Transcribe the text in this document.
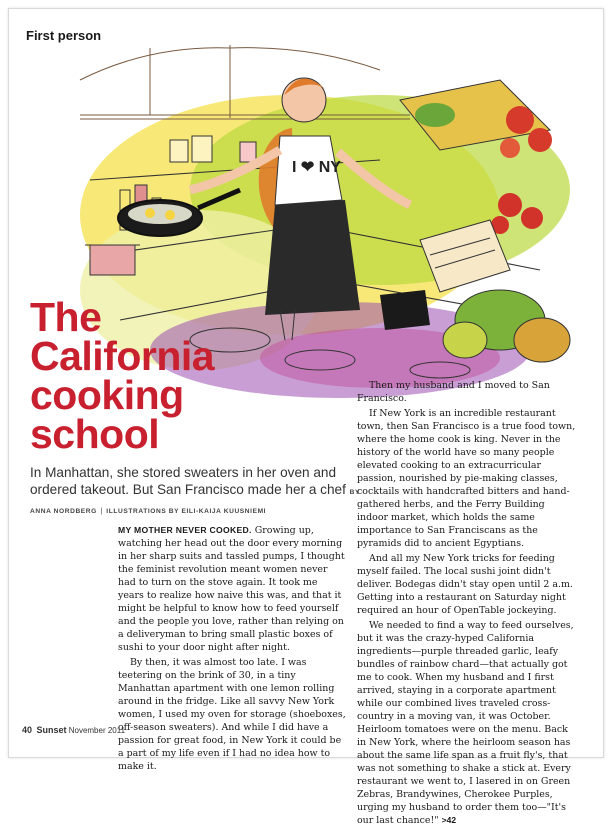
First person
I ❤ NY
The
California
cooking
school
In Manhattan, she stored sweaters in her oven and ordered takeout. But San Francisco made her a chef BY ANNA NORDBERG | ILLUSTRATIONS BY EILI-KAIJA KUUSNIEMI

MY MOTHER NEVER COOKED. Growing up, watching her head out the door every morning in her sharp suits and tassled pumps, I thought the feminist revolution meant women never had to turn on the stove again. It took me years to realize how naive this was, and that it might be helpful to know how to feed yourself and the people you love, rather than relying on a deliveryman to bring small plastic boxes of sushi to your door night after night.

By then, it was almost too late. I was teetering on the brink of 30, in a tiny Manhattan apartment with one lemon rolling around in the fridge. Like all savvy New York women, I used my oven for storage (shoeboxes, off-season sweaters). And while I did have a passion for great food, in New York it could be a part of my life even if I had no idea how to make it.

Then my husband and I moved to San Francisco.

If New York is an incredible restaurant town, then San Francisco is a true food town, where the home cook is king. Never in the history of the world have so many people elevated cooking to an extracurricular passion, nourished by pie-making classes, cocktails with handcrafted bitters and hand-gathered herbs, and the Ferry Building indoor market, which holds the same importance to San Franciscans as the pyramids did to ancient Egyptians.

And all my New York tricks for feeding myself failed. The local sushi joint didn't deliver. Bodegas didn't stay open until 2 a.m. Getting into a restaurant on Saturday night required an hour of OpenTable jockeying.

We needed to find a way to feed ourselves, but it was the crazy-hyped California ingredients—purple threaded garlic, leafy bundles of rainbow chard—that actually got me to cook. When my husband and I first arrived, staying in a corporate apartment while our combined lives traveled cross-country in a moving van, it was October. Heirloom tomatoes were on the menu. Back in New York, where the heirloom season has about the same life span as a fruit fly's, that was not something to shake a stick at. Every restaurant we went to, I lasered in on Green Zebras, Brandywines, Cherokee Purples, urging my husband to order them too—"It's our last chance!" >42

40 Sunset November 2011
